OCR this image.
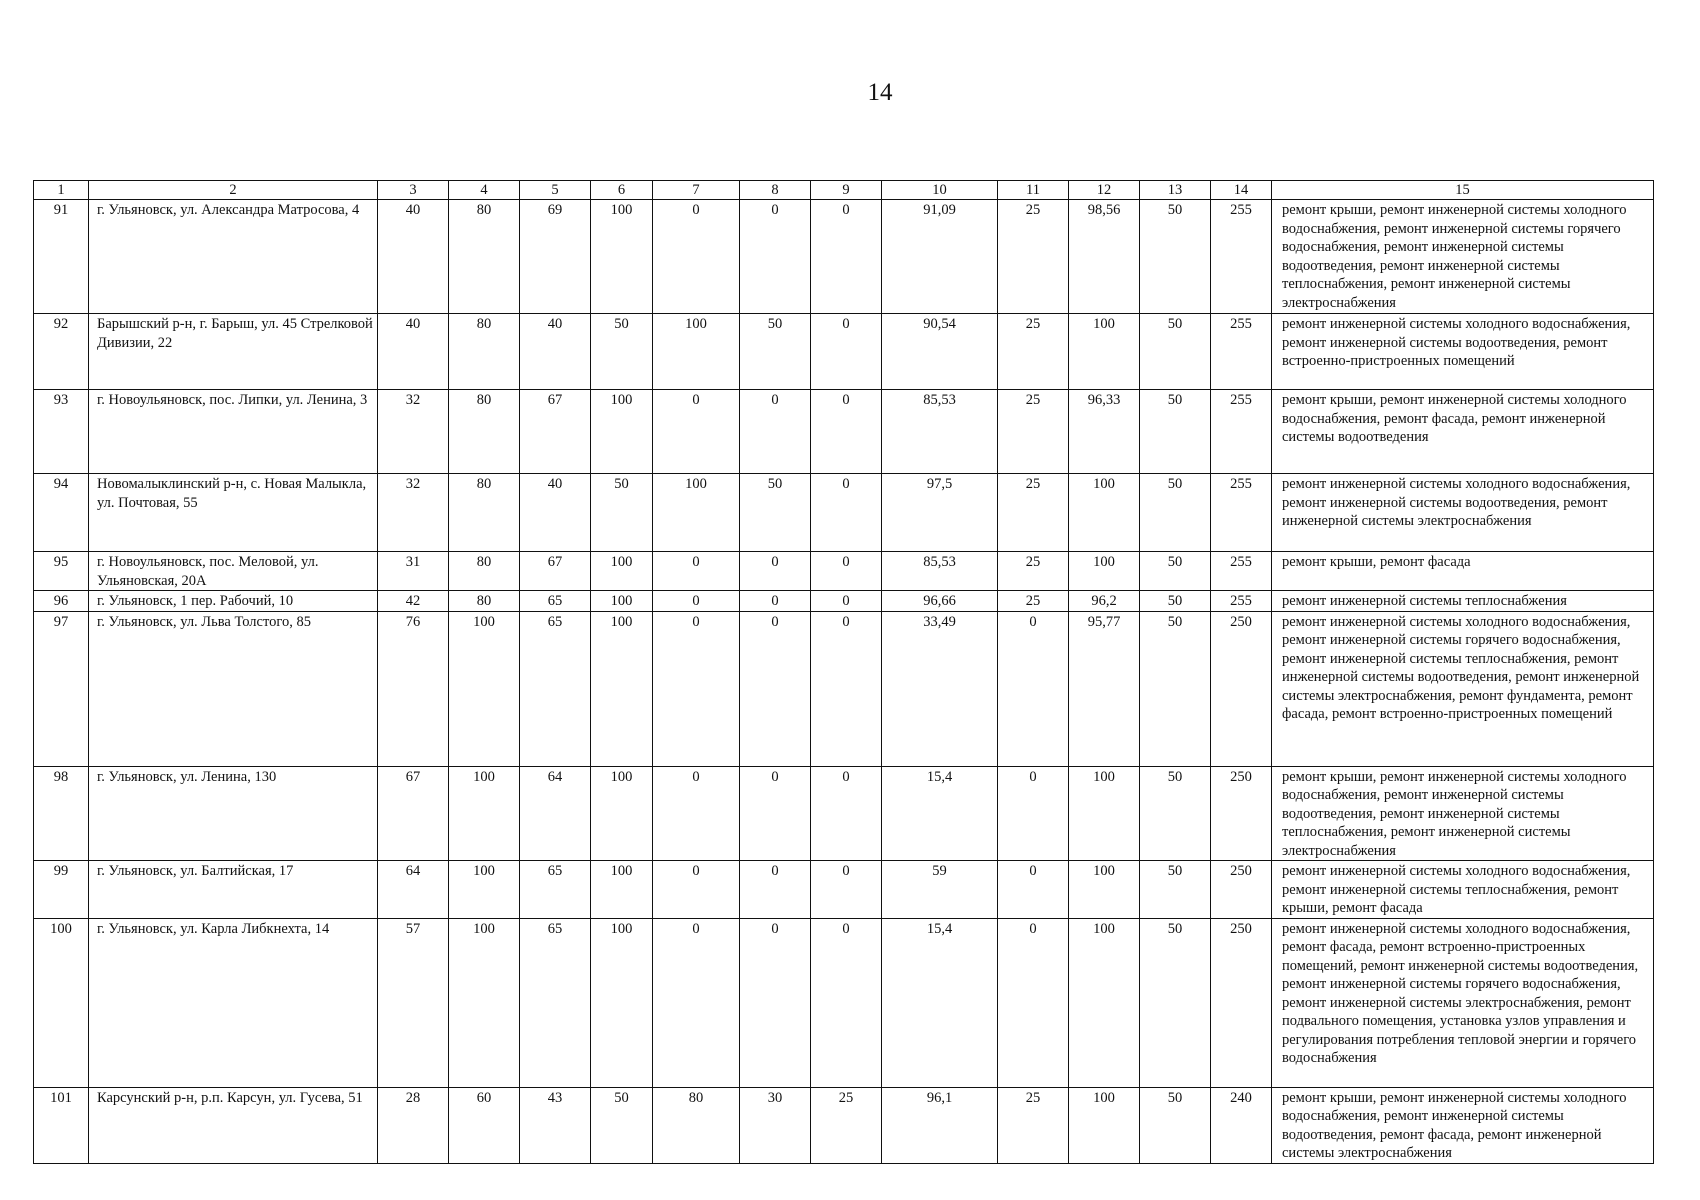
14
1	2	3	4	5	6	7	8	9	10	11	12	13	14	15
91	г. Ульяновск, ул. Александра Матросова, 4	40	80	69	100	0	0	0	91,09	25	98,56	50	255	ремонт крыши, ремонт инженерной системы холодного водоснабжения, ремонт инженерной системы горячего водоснабжения, ремонт инженерной системы водоотведения, ремонт инженерной системы теплоснабжения, ремонт инженерной системы электроснабжения
92	Барышский р-н, г. Барыш, ул. 45 Стрелковой Дивизии, 22	40	80	40	50	100	50	0	90,54	25	100	50	255	ремонт инженерной системы холодного водоснабжения, ремонт инженерной системы водоотведения, ремонт встроенно-пристроенных помещений
93	г. Новоульяновск, пос. Липки, ул. Ленина, 3	32	80	67	100	0	0	0	85,53	25	96,33	50	255	ремонт крыши, ремонт инженерной системы холодного водоснабжения, ремонт фасада, ремонт инженерной системы водоотведения
94	Новомалыклинский р-н, с. Новая Малыкла, ул. Почтовая, 55	32	80	40	50	100	50	0	97,5	25	100	50	255	ремонт инженерной системы холодного водоснабжения, ремонт инженерной системы водоотведения, ремонт инженерной системы электроснабжения
95	г. Новоульяновск, пос. Меловой, ул. Ульяновская, 20А	31	80	67	100	0	0	0	85,53	25	100	50	255	ремонт крыши, ремонт фасада
96	г. Ульяновск, 1 пер. Рабочий, 10	42	80	65	100	0	0	0	96,66	25	96,2	50	255	ремонт инженерной системы теплоснабжения
97	г. Ульяновск, ул. Льва Толстого, 85	76	100	65	100	0	0	0	33,49	0	95,77	50	250	ремонт инженерной системы холодного водоснабжения, ремонт инженерной системы горячего водоснабжения, ремонт инженерной системы теплоснабжения, ремонт инженерной системы водоотведения, ремонт инженерной системы электроснабжения, ремонт фундамента, ремонт фасада, ремонт встроенно-пристроенных помещений
98	г. Ульяновск, ул. Ленина, 130	67	100	64	100	0	0	0	15,4	0	100	50	250	ремонт крыши, ремонт инженерной системы холодного водоснабжения, ремонт инженерной системы водоотведения, ремонт инженерной системы теплоснабжения, ремонт инженерной системы электроснабжения
99	г. Ульяновск, ул. Балтийская, 17	64	100	65	100	0	0	0	59	0	100	50	250	ремонт инженерной системы холодного водоснабжения, ремонт инженерной системы теплоснабжения, ремонт крыши, ремонт фасада
100	г. Ульяновск, ул. Карла Либкнехта, 14	57	100	65	100	0	0	0	15,4	0	100	50	250	ремонт инженерной системы холодного водоснабжения, ремонт фасада, ремонт встроенно-пристроенных помещений, ремонт инженерной системы водоотведения, ремонт инженерной системы горячего водоснабжения, ремонт инженерной системы электроснабжения, ремонт подвального помещения, установка узлов управления и регулирования потребления тепловой энергии и горячего водоснабжения
101	Карсунский р-н, р.п. Карсун, ул. Гусева, 51	28	60	43	50	80	30	25	96,1	25	100	50	240	ремонт крыши, ремонт инженерной системы холодного водоснабжения, ремонт инженерной системы водоотведения, ремонт фасада, ремонт инженерной системы электроснабжения
